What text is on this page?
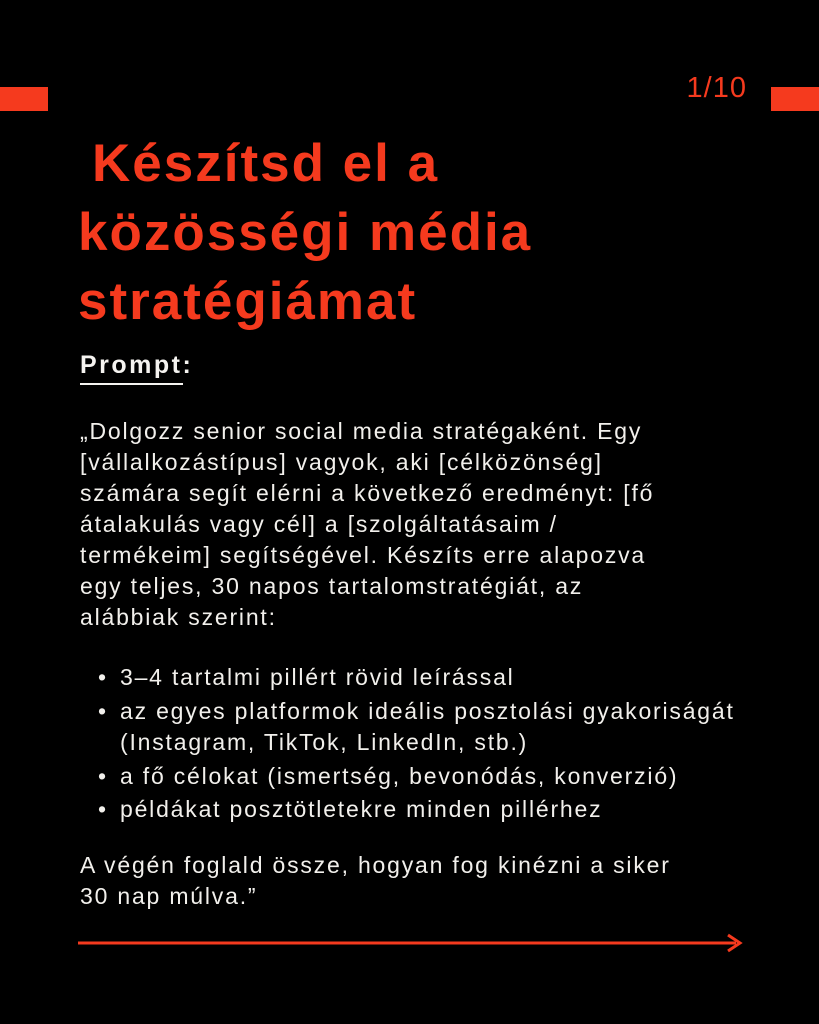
1/10
Készítsd el a
közösségi média
stratégiámat
Prompt:
„Dolgozz senior social media stratégaként. Egy
[vállalkozástípus] vagyok, aki [célközönség]
számára segít elérni a következő eredményt: [fő
átalakulás vagy cél] a [szolgáltatásaim /
termékeim] segítségével. Készíts erre alapozva
egy teljes, 30 napos tartalomstratégiát, az
alábbiak szerint:
• 3–4 tartalmi pillért rövid leírással
• az egyes platformok ideális posztolási gyakoriságát (Instagram, TikTok, LinkedIn, stb.)
• a fő célokat (ismertség, bevonódás, konverzió)
• példákat posztötletekre minden pillérhez
A végén foglald össze, hogyan fog kinézni a siker
30 nap múlva.”
